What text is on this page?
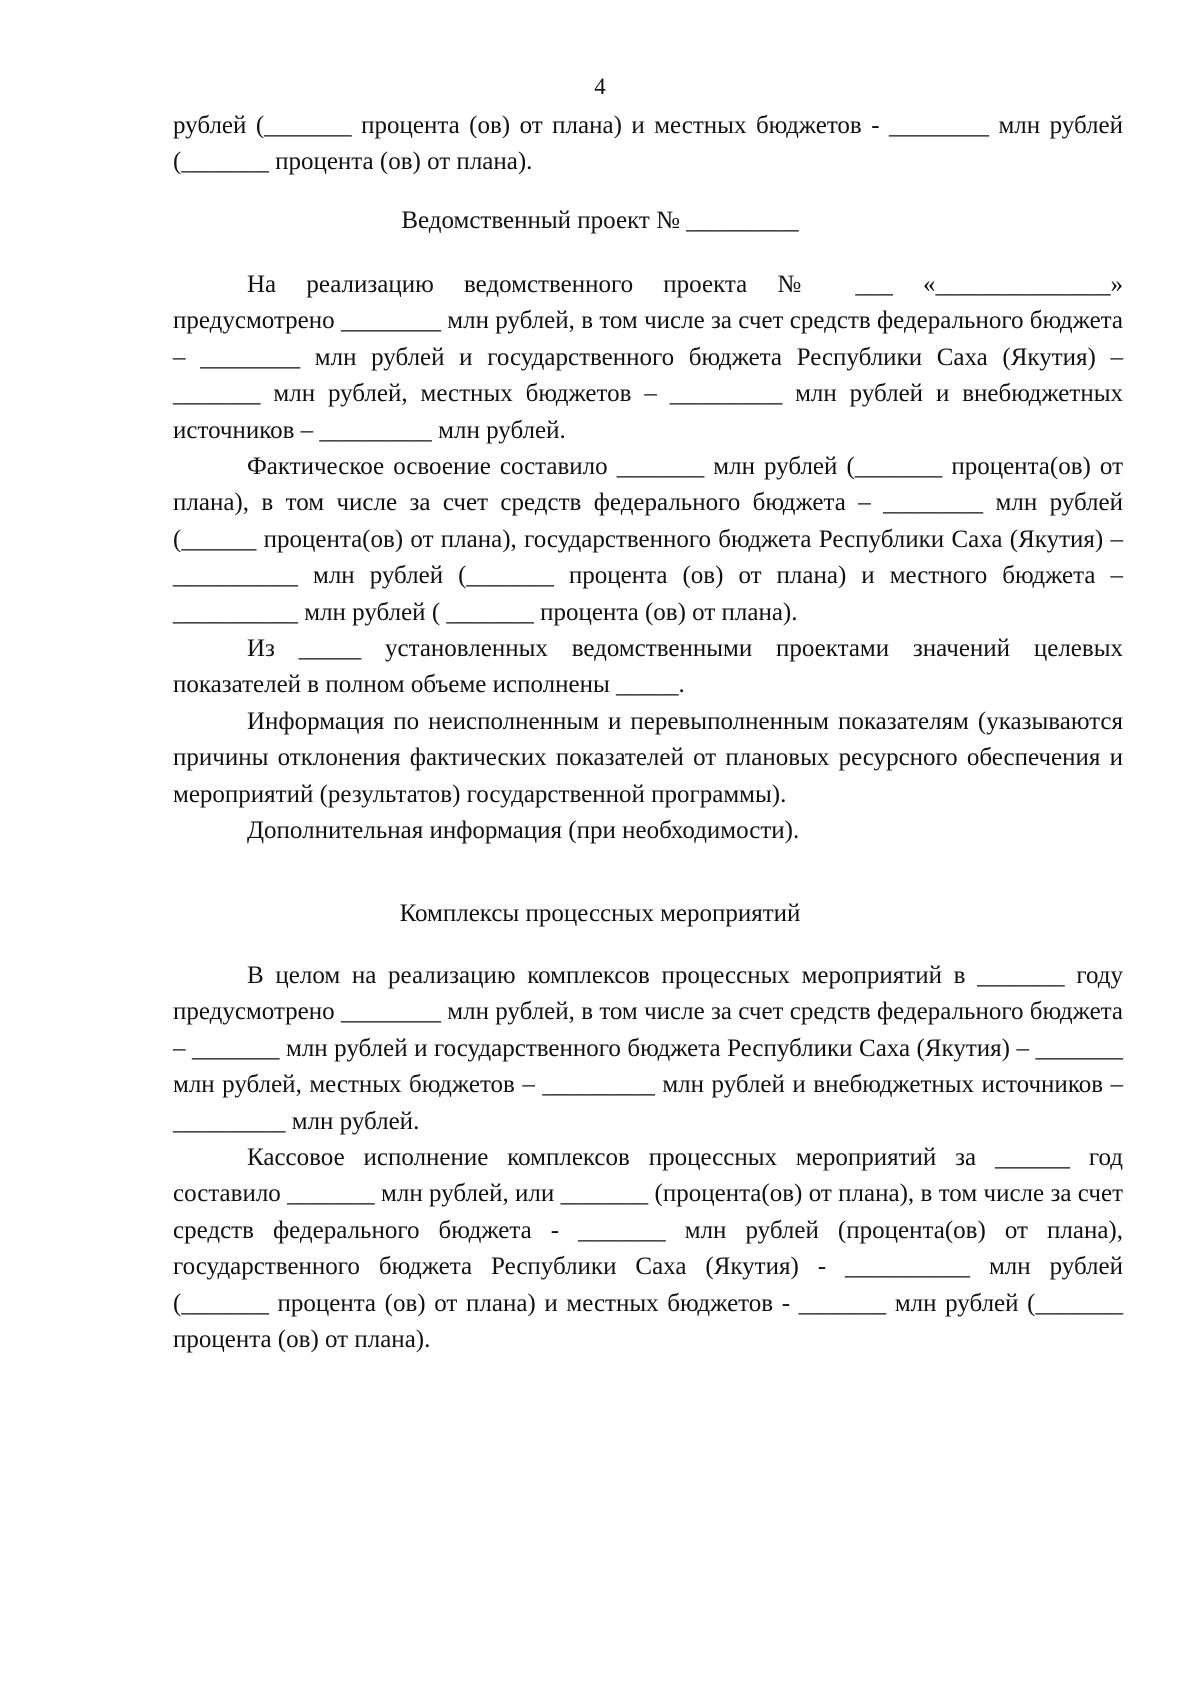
4

рублей (_______ процента (ов) от плана) и местных бюджетов - ________ млн рублей (_______ процента (ов) от плана).

Ведомственный проект № _________

На реализацию ведомственного проекта № ___ «______________» предусмотрено ________ млн рублей, в том числе за счет средств федерального бюджета – ________ млн рублей и государственного бюджета Республики Саха (Якутия) – _______ млн рублей, местных бюджетов – _________ млн рублей и внебюджетных источников – _________ млн рублей.

Фактическое освоение составило _______ млн рублей (_______ процента(ов) от плана), в том числе за счет средств федерального бюджета – ________ млн рублей (______ процента(ов) от плана), государственного бюджета Республики Саха (Якутия) – __________ млн рублей (_______ процента (ов) от плана) и местного бюджета – __________ млн рублей ( _______ процента (ов) от плана).

Из _____ установленных ведомственными проектами значений целевых показателей в полном объеме исполнены _____.

Информация по неисполненным и перевыполненным показателям (указываются причины отклонения фактических показателей от плановых ресурсного обеспечения и мероприятий (результатов) государственной программы).

Дополнительная информация (при необходимости).

Комплексы процессных мероприятий

В целом на реализацию комплексов процессных мероприятий в _______ году предусмотрено ________ млн рублей, в том числе за счет средств федерального бюджета – _______ млн рублей и государственного бюджета Республики Саха (Якутия) – _______ млн рублей, местных бюджетов – _________ млн рублей и внебюджетных источников – _________ млн рублей.

Кассовое исполнение комплексов процессных мероприятий за ______ год составило _______ млн рублей, или _______ (процента(ов) от плана), в том числе за счет средств федерального бюджета - _______ млн рублей (процента(ов) от плана), государственного бюджета Республики Саха (Якутия) - __________ млн рублей (_______ процента (ов) от плана) и местных бюджетов - _______ млн рублей (_______ процента (ов) от плана).
